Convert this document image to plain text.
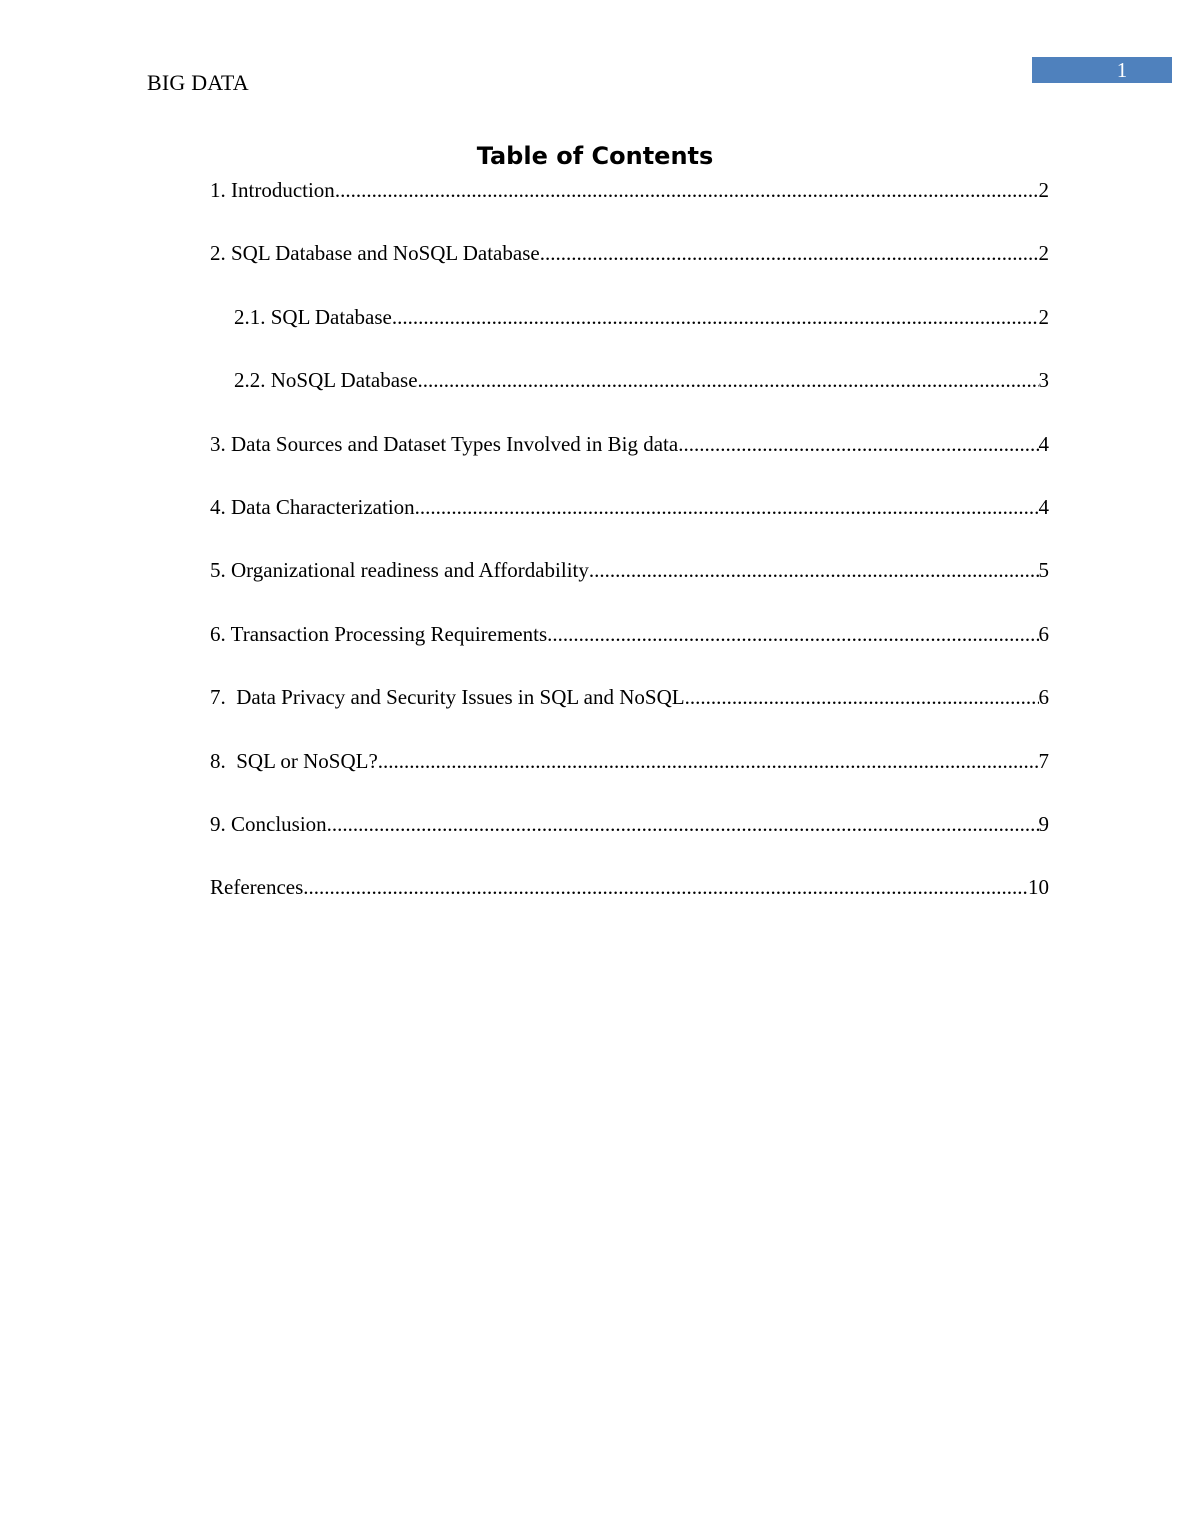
BIG DATA	1
Table of Contents
1. Introduction .....	2
2. SQL Database and NoSQL Database .....	2
2.1. SQL Database .....	2
2.2. NoSQL Database .....	3
3. Data Sources and Dataset Types Involved in Big data .....	4
4. Data Characterization .....	4
5. Organizational readiness and Affordability .....	5
6. Transaction Processing Requirements .....	6
7.  Data Privacy and Security Issues in SQL and NoSQL .....	6
8.  SQL or NoSQL? .....	7
9. Conclusion .....	9
References .....	10
